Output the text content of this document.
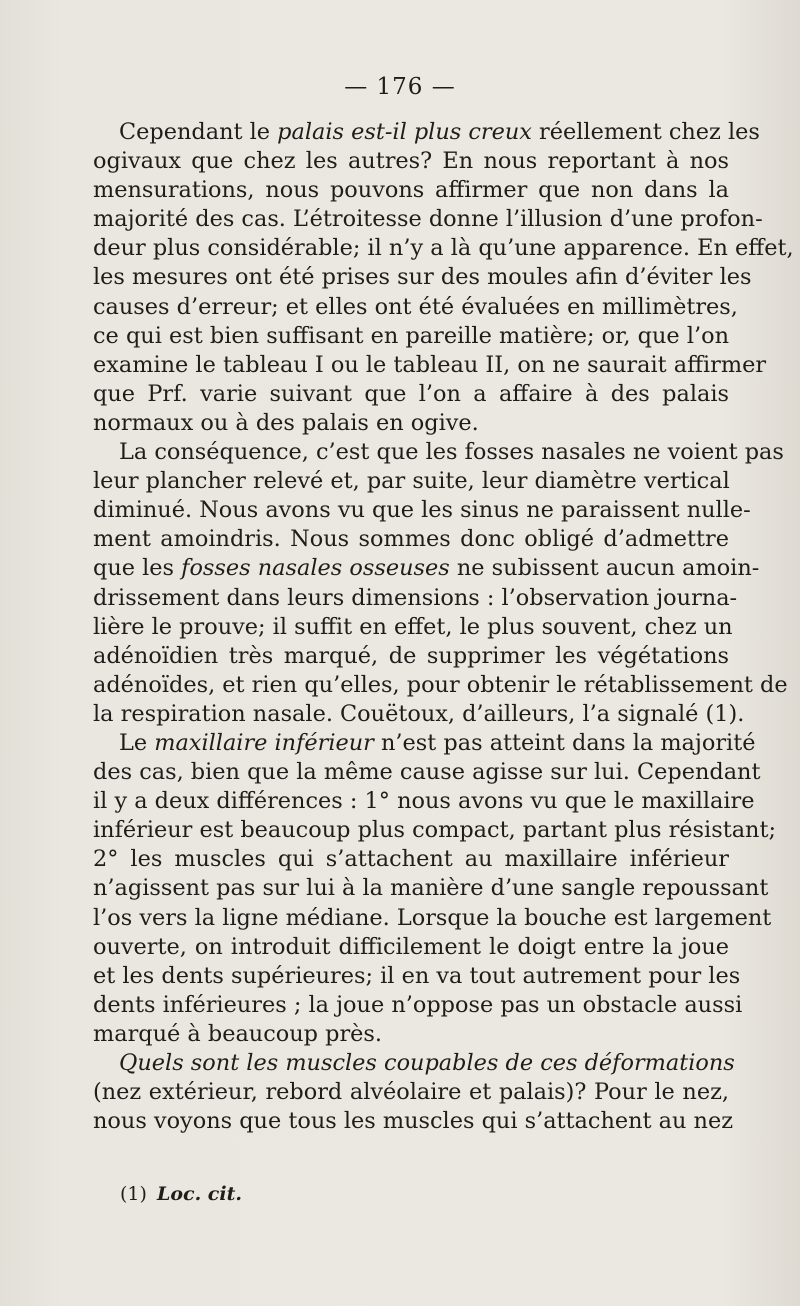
— 176 —
Cependant le palais est-il plus creux réellement chez les
ogivaux que chez les autres? En nous reportant à nos
mensurations, nous pouvons affirmer que non dans la
majorité des cas. L’étroitesse donne l’illusion d’une profon-
deur plus considérable; il n’y a là qu’une apparence. En effet,
les mesures ont été prises sur des moules afin d’éviter les
causes d’erreur; et elles ont été évaluées en millimètres,
ce qui est bien suffisant en pareille matière; or, que l’on
examine le tableau I ou le tableau II, on ne saurait affirmer
que Prf. varie suivant que l’on a affaire à des palais
normaux ou à des palais en ogive.
La conséquence, c’est que les fosses nasales ne voient pas
leur plancher relevé et, par suite, leur diamètre vertical
diminué. Nous avons vu que les sinus ne paraissent nulle-
ment amoindris. Nous sommes donc obligé d’admettre
que les fosses nasales osseuses ne subissent aucun amoin-
drissement dans leurs dimensions : l’observation journa-
lière le prouve; il suffit en effet, le plus souvent, chez un
adénoïdien très marqué, de supprimer les végétations
adénoïdes, et rien qu’elles, pour obtenir le rétablissement de
la respiration nasale. Couëtoux, d’ailleurs, l’a signalé (1).
Le maxillaire inférieur n’est pas atteint dans la majorité
des cas, bien que la même cause agisse sur lui. Cependant
il y a deux différences : 1° nous avons vu que le maxillaire
inférieur est beaucoup plus compact, partant plus résistant;
2° les muscles qui s’attachent au maxillaire inférieur
n’agissent pas sur lui à la manière d’une sangle repoussant
l’os vers la ligne médiane. Lorsque la bouche est largement
ouverte, on introduit difficilement le doigt entre la joue
et les dents supérieures; il en va tout autrement pour les
dents inférieures ; la joue n’oppose pas un obstacle aussi
marqué à beaucoup près.
Quels sont les muscles coupables de ces déformations
(nez extérieur, rebord alvéolaire et palais)? Pour le nez,
nous voyons que tous les muscles qui s’attachent au nez
(1) Loc. cit.
